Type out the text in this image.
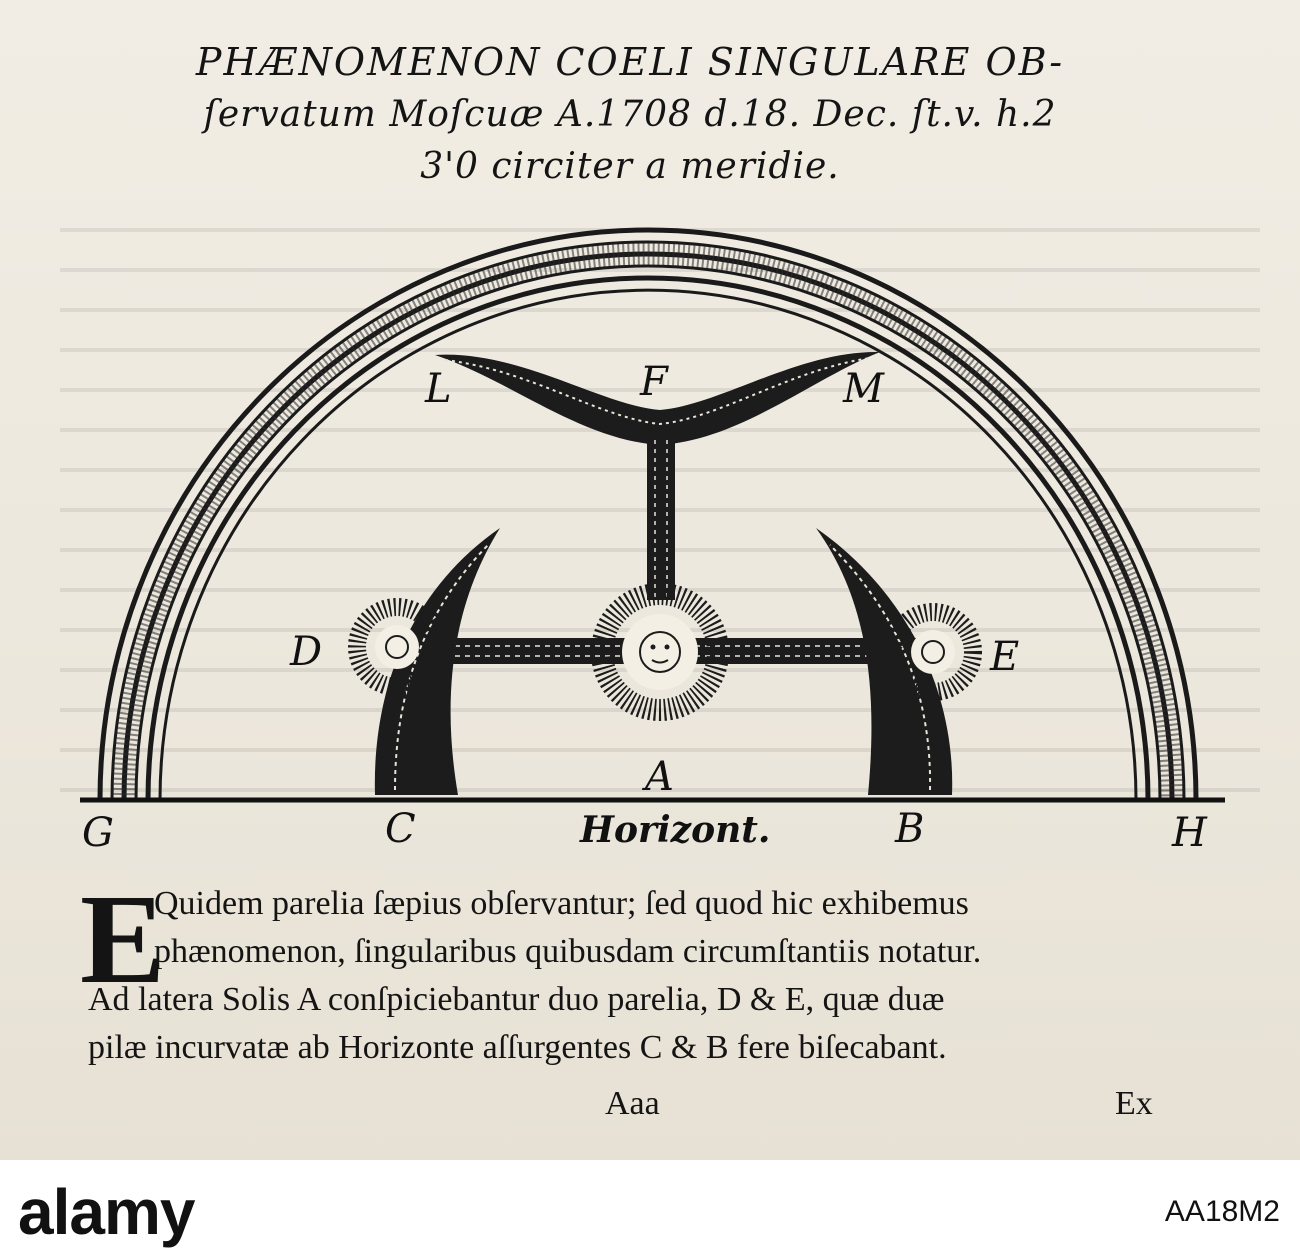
PHÆNOMENON COELI SINGULARE OB-

ſervatum Moſcuæ A.1708 d.18. Dec. ſt.v. h.2

3'0 circiter a meridie.

G	C
A
B	H
D	E
L	F	M
Horizont.
E
Quidem parelia ſæpius obſervantur; ſed quod hic exhibemus
phænomenon, ſingularibus quibusdam circumſtantiis notatur.
Ad latera Solis A conſpiciebantur duo parelia, D & E, quæ duæ
pilæ incurvatæ ab Horizonte aſſurgentes C & B fere biſecabant.
Aaa	Ex
alamy	AA18M2
